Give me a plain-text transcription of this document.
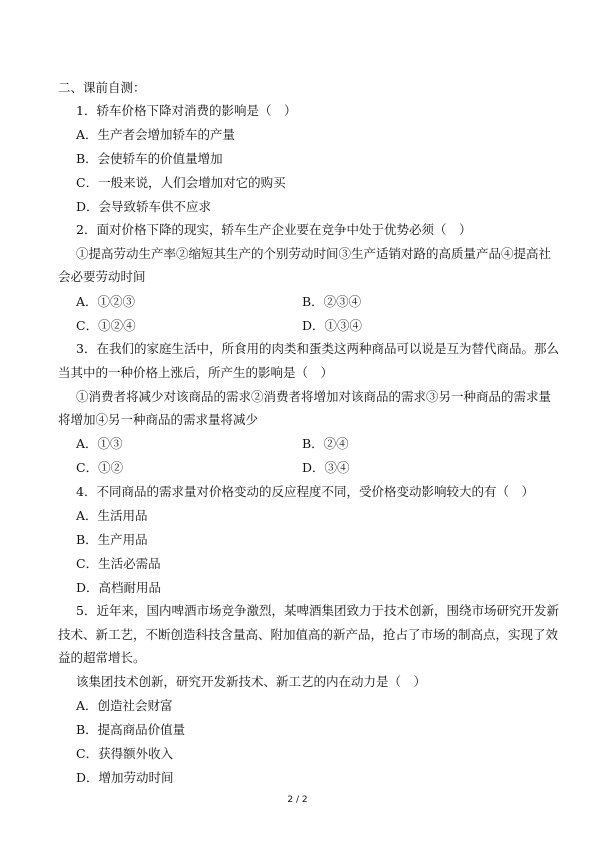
二、课前自测：
1．轿车价格下降对消费的影响是（　）
A．生产者会增加轿车的产量
B．会使轿车的价值量增加
C．一般来说，人们会增加对它的购买
D．会导致轿车供不应求
2．面对价格下降的现实，轿车生产企业要在竞争中处于优势必须（　）
①提高劳动生产率②缩短其生产的个别劳动时间③生产适销对路的高质量产品④提高社
会必要劳动时间
A．①②③	B．②③④
C．①②④	D．①③④
3．在我们的家庭生活中，所食用的肉类和蛋类这两种商品可以说是互为替代商品。那么
当其中的一种价格上涨后，所产生的影响是（　）
①消费者将减少对该商品的需求②消费者将增加对该商品的需求③另一种商品的需求量
将增加④另一种商品的需求量将减少
A．①③	B．②④
C．①②	D．③④
4．不同商品的需求量对价格变动的反应程度不同，受价格变动影响较大的有（　）
A．生活用品
B．生产用品
C．生活必需品
D．高档耐用品
5．近年来，国内啤酒市场竞争激烈，某啤酒集团致力于技术创新，围绕市场研究开发新
技术、新工艺，不断创造科技含量高、附加值高的新产品，抢占了市场的制高点，实现了效
益的超常增长。
该集团技术创新，研究开发新技术、新工艺的内在动力是（　）
A．创造社会财富
B．提高商品价值量
C．获得额外收入
D．增加劳动时间
2 / 2
